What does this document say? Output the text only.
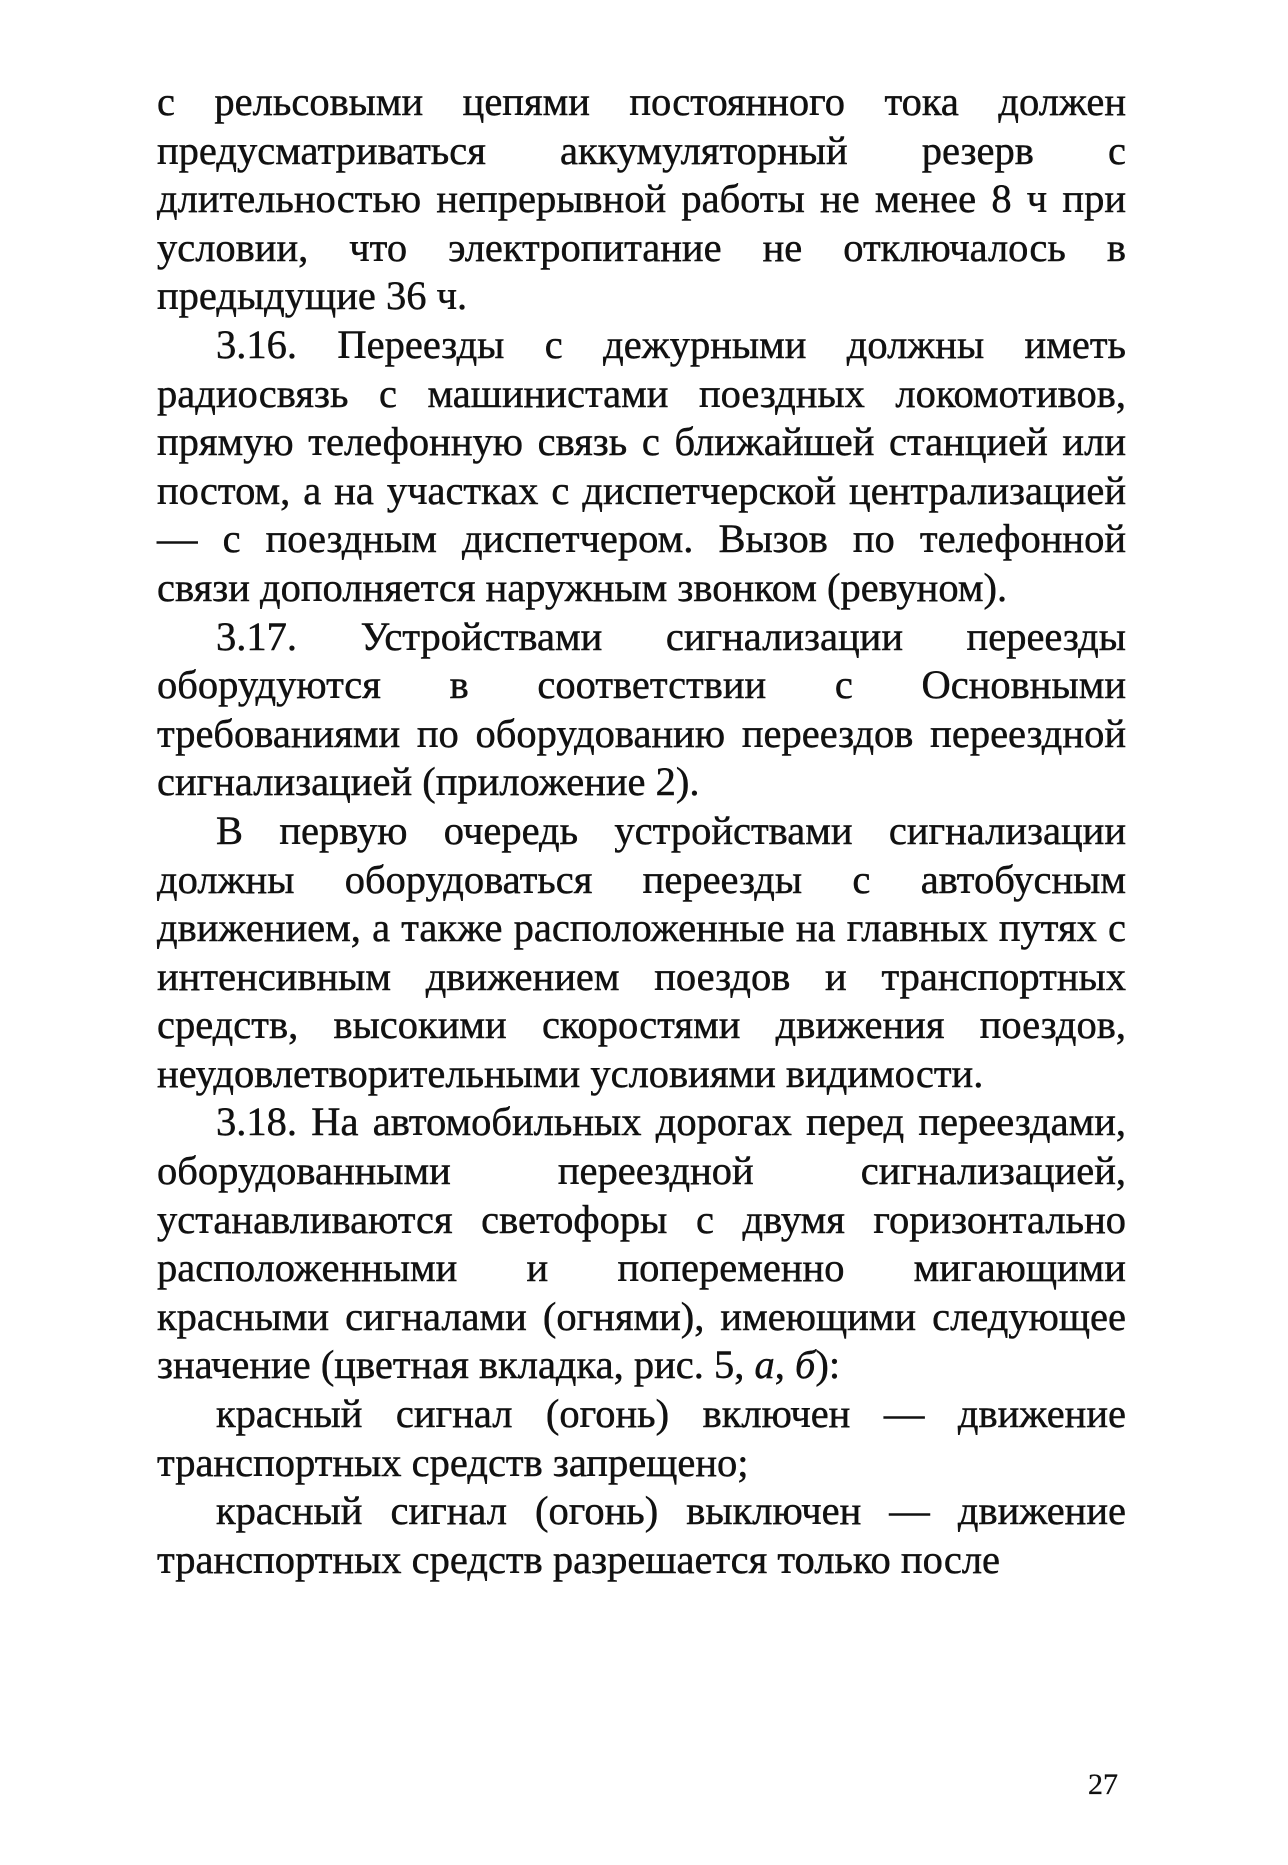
с рельсовыми цепями постоянного тока должен предусматриваться аккумуляторный резерв с длительностью непрерывной работы не менее 8 ч при условии, что электропитание не отключалось в предыдущие 36 ч.

3.16. Переезды с дежурными должны иметь радиосвязь с машинистами поездных локомотивов, прямую телефонную связь с ближайшей станцией или постом, а на участках с диспетчерской централизацией — с поездным диспетчером. Вызов по телефонной связи дополняется наружным звонком (ревуном).

3.17. Устройствами сигнализации переезды оборудуются в соответствии с Основными требованиями по оборудованию переездов переездной сигнализацией (приложение 2).

В первую очередь устройствами сигнализации должны оборудоваться переезды с автобусным движением, а также расположенные на главных путях с интенсивным движением поездов и транспортных средств, высокими скоростями движения поездов, неудовлетворительными условиями видимости.

3.18. На автомобильных дорогах перед переездами, оборудованными переездной сигнализацией, устанавливаются светофоры с двумя горизонтально расположенными и попеременно мигающими красными сигналами (огнями), имеющими следующее значение (цветная вкладка, рис. 5, а, б):

красный сигнал (огонь) включен — движение транспортных средств запрещено;

красный сигнал (огонь) выключен — движение транспортных средств разрешается только после

27
